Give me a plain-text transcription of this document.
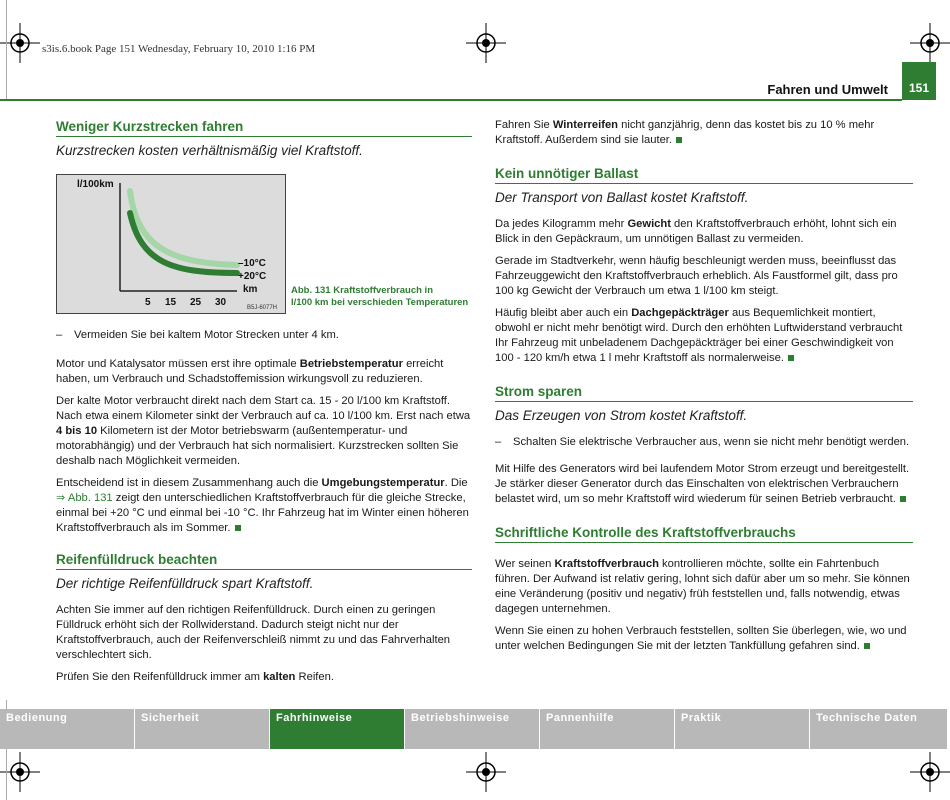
s3is.6.book Page 151 Wednesday, February 10, 2010 1:16 PM
Fahren und Umwelt	151
Weniger Kurzstrecken fahren
Kurzstrecken kosten verhältnismäßig viel Kraftstoff.
l/100km
–10°C
+20°C
km
5 15 25 30	B5J-6077H
Abb. 131 Kraftstoffverbrauch in
l/100 km bei verschieden Temperaturen
–	Vermeiden Sie bei kaltem Motor Strecken unter 4 km.

Motor und Katalysator müssen erst ihre optimale Betriebstemperatur erreicht haben, um Verbrauch und Schadstoffemission wirkungsvoll zu reduzieren.

Der kalte Motor verbraucht direkt nach dem Start ca. 15 - 20 l/100 km Kraftstoff. Nach etwa einem Kilometer sinkt der Verbrauch auf ca. 10 l/100 km. Erst nach etwa 4 bis 10 Kilometern ist der Motor betriebswarm (außentemperatur- und motorabhängig) und der Verbrauch hat sich normalisiert. Kurzstrecken sollten Sie deshalb nach Möglichkeit vermeiden.

Entscheidend ist in diesem Zusammenhang auch die Umgebungstemperatur. Die ⇒ Abb. 131 zeigt den unterschiedlichen Kraftstoffverbrauch für die gleiche Strecke, einmal bei +20 °C und einmal bei -10 °C. Ihr Fahrzeug hat im Winter einen höheren Kraftstoffverbrauch als im Sommer.

Reifenfülldruck beachten
Der richtige Reifenfülldruck spart Kraftstoff.

Achten Sie immer auf den richtigen Reifenfülldruck. Durch einen zu geringen Fülldruck erhöht sich der Rollwiderstand. Dadurch steigt nicht nur der Kraftstoffverbrauch, auch der Reifenverschleiß nimmt zu und das Fahrverhalten verschlechtert sich.

Prüfen Sie den Reifenfülldruck immer am kalten Reifen.

Fahren Sie Winterreifen nicht ganzjährig, denn das kostet bis zu 10 % mehr Kraftstoff. Außerdem sind sie lauter.

Kein unnötiger Ballast
Der Transport von Ballast kostet Kraftstoff.

Da jedes Kilogramm mehr Gewicht den Kraftstoffverbrauch erhöht, lohnt sich ein Blick in den Gepäckraum, um unnötigen Ballast zu vermeiden.

Gerade im Stadtverkehr, wenn häufig beschleunigt werden muss, beeinflusst das Fahrzeuggewicht den Kraftstoffverbrauch erheblich. Als Faustformel gilt, dass pro 100 kg Gewicht der Verbrauch um etwa 1 l/100 km steigt.

Häufig bleibt aber auch ein Dachgepäckträger aus Bequemlichkeit montiert, obwohl er nicht mehr benötigt wird. Durch den erhöhten Luftwiderstand verbraucht Ihr Fahrzeug mit unbeladenem Dachgepäckträger bei einer Geschwindigkeit von 100 - 120 km/h etwa 1 l mehr Kraftstoff als normalerweise.

Strom sparen
Das Erzeugen von Strom kostet Kraftstoff.
–	Schalten Sie elektrische Verbraucher aus, wenn sie nicht mehr benötigt werden.

Mit Hilfe des Generators wird bei laufendem Motor Strom erzeugt und bereitgestellt. Je stärker dieser Generator durch das Einschalten von elektrischen Verbrauchern belastet wird, um so mehr Kraftstoff wird wiederum für seinen Betrieb verbraucht.

Schriftliche Kontrolle des Kraftstoffverbrauchs

Wer seinen Kraftstoffverbrauch kontrollieren möchte, sollte ein Fahrtenbuch führen. Der Aufwand ist relativ gering, lohnt sich dafür aber um so mehr. Sie können eine Veränderung (positiv und negativ) früh feststellen und, falls notwendig, etwas dagegen unternehmen.

Wenn Sie einen zu hohen Verbrauch feststellen, sollten Sie überlegen, wie, wo und unter welchen Bedingungen Sie mit der letzten Tankfüllung gefahren sind.

Bedienung	Sicherheit	Fahrhinweise	Betriebshinweise	Pannenhilfe	Praktik	Technische Daten
